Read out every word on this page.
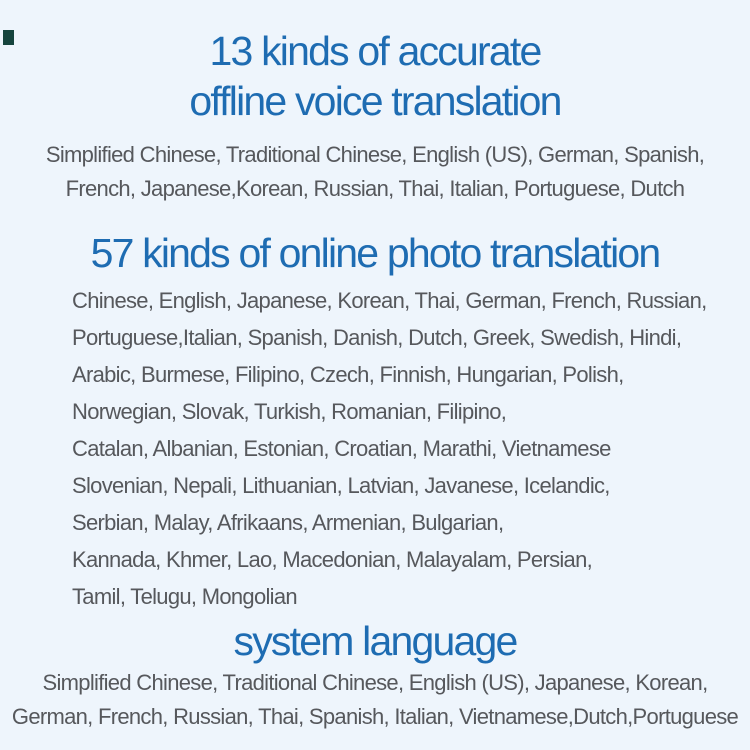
13 kinds of accurate
offline voice translation
Simplified Chinese, Traditional Chinese, English (US), German, Spanish,
French, Japanese,Korean, Russian, Thai, Italian, Portuguese, Dutch
57 kinds of online photo translation
Chinese, English, Japanese, Korean, Thai, German, French, Russian,
Portuguese,Italian, Spanish, Danish, Dutch, Greek, Swedish, Hindi,
Arabic, Burmese, Filipino, Czech, Finnish, Hungarian, Polish,
Norwegian, Slovak, Turkish, Romanian, Filipino,
Catalan, Albanian, Estonian, Croatian, Marathi, Vietnamese
Slovenian, Nepali, Lithuanian, Latvian, Javanese, Icelandic,
Serbian, Malay, Afrikaans, Armenian, Bulgarian,
Kannada, Khmer, Lao, Macedonian, Malayalam, Persian,
Tamil, Telugu, Mongolian
system language
Simplified Chinese, Traditional Chinese, English (US), Japanese, Korean,
German, French, Russian, Thai, Spanish, Italian, Vietnamese,Dutch,Portuguese
